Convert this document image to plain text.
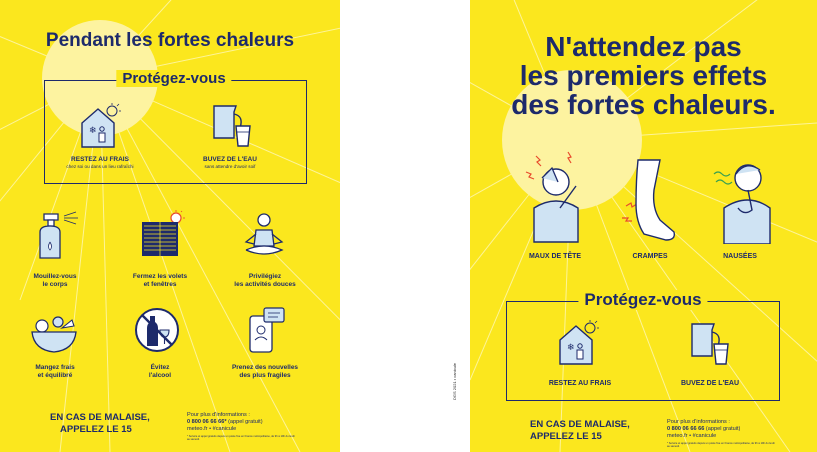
Pendant les fortes chaleurs
Protégez-vous
❄
RESTEZ AU FRAIS
chez soi ou dans un lieu rafraîchi
BUVEZ DE L'EAU
sans attendre d'avoir soif
Mouillez-vous
le corps
Fermez les volets
et fenêtres
Privilégiez
les activités douces
Mangez frais
et équilibré
Évitez
l'alcool
Prenez des nouvelles
des plus fragiles
EN CAS DE MALAISE,
APPELEZ LE 15
Pour plus d'informations :
0 800 06 66 66* (appel gratuit)
meteo.fr • #canicule
* Service et appel gratuits depuis un poste fixe en France métropolitaine, de 9h à 19h du lundi au samedi.
DGS 2021 • canicule
N'attendez pas
les premiers effets
des fortes chaleurs.
MAUX DE TÊTE	CRAMPES	NAUSÉES
Protégez-vous
❄
RESTEZ AU FRAIS	BUVEZ DE L'EAU
EN CAS DE MALAISE,
APPELEZ LE 15
Pour plus d'informations :
0 800 06 66 66 (appel gratuit)
meteo.fr • #canicule
* Service et appel gratuits depuis un poste fixe en France métropolitaine, de 9h à 19h du lundi au samedi.
